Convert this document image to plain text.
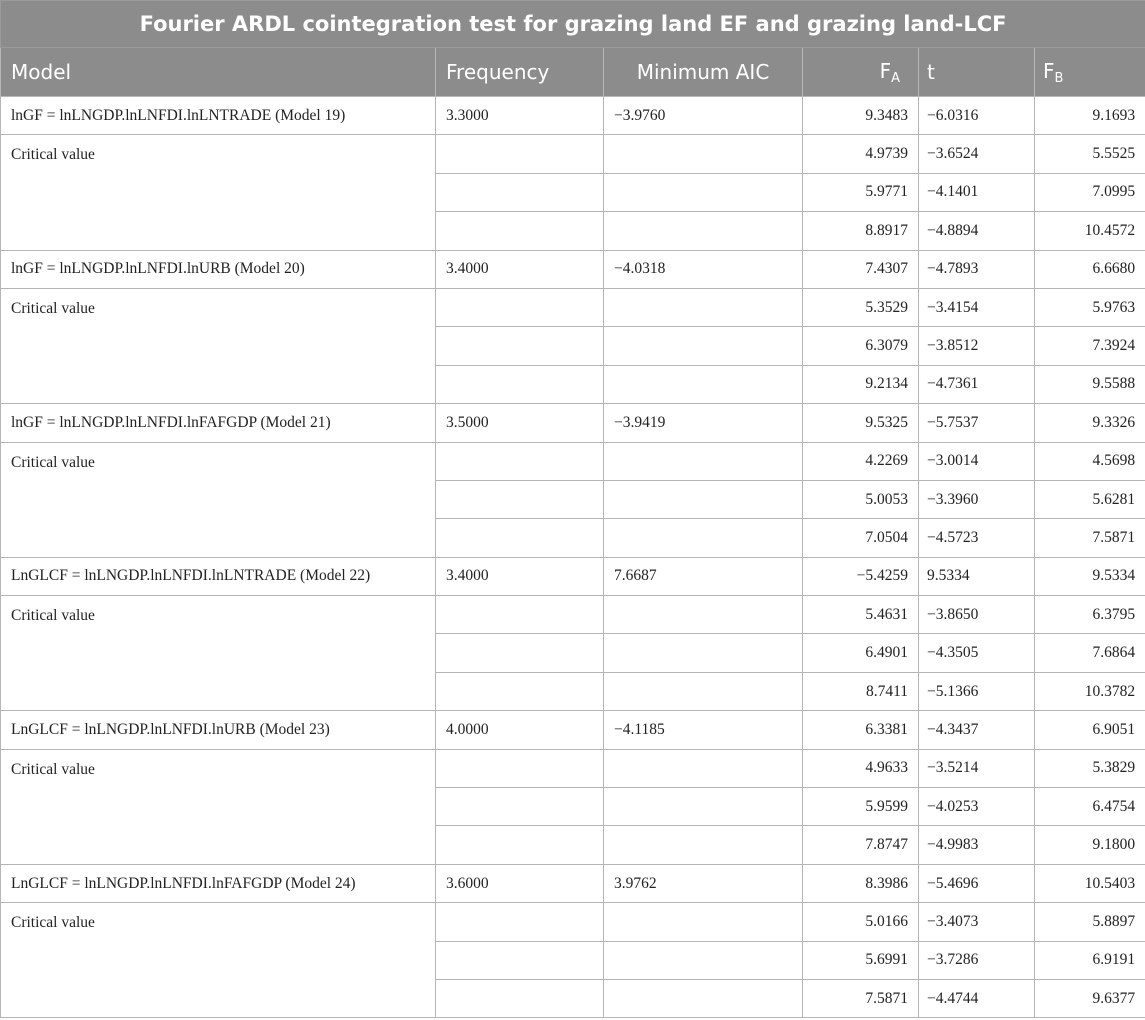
Fourier ARDL cointegration test for grazing land EF and grazing land-LCF					
Model	Frequency	Minimum AIC	$F_A$	t	$F_B$
lnGF = lnLNGDP.lnLNFDI.lnLNTRADE (Model 19)	3.3000	−3.9760	9.3483	−6.0316	9.1693
Critical value			4.9739	−3.6524	5.5525
			5.9771	−4.1401	7.0995
			8.8917	−4.8894	10.4572
lnGF = lnLNGDP.lnLNFDI.lnURB (Model 20)	3.4000	−4.0318	7.4307	−4.7893	6.6680
Critical value			5.3529	−3.4154	5.9763
			6.3079	−3.8512	7.3924
			9.2134	−4.7361	9.5588
lnGF = lnLNGDP.lnLNFDI.lnFAFGDP (Model 21)	3.5000	−3.9419	9.5325	−5.7537	9.3326
Critical value			4.2269	−3.0014	4.5698
			5.0053	−3.3960	5.6281
			7.0504	−4.5723	7.5871
LnGLCF = lnLNGDP.lnLNFDI.lnLNTRADE (Model 22)	3.4000	7.6687	−5.4259	9.5334	9.5334
Critical value			5.4631	−3.8650	6.3795
			6.4901	−4.3505	7.6864
			8.7411	−5.1366	10.3782
LnGLCF = lnLNGDP.lnLNFDI.lnURB (Model 23)	4.0000	−4.1185	6.3381	−4.3437	6.9051
Critical value			4.9633	−3.5214	5.3829
			5.9599	−4.0253	6.4754
			7.8747	−4.9983	9.1800
LnGLCF = lnLNGDP.lnLNFDI.lnFAFGDP (Model 24)	3.6000	3.9762	8.3986	−5.4696	10.5403
Critical value			5.0166	−3.4073	5.8897
			5.6991	−3.7286	6.9191
			7.5871	−4.4744	9.6377
